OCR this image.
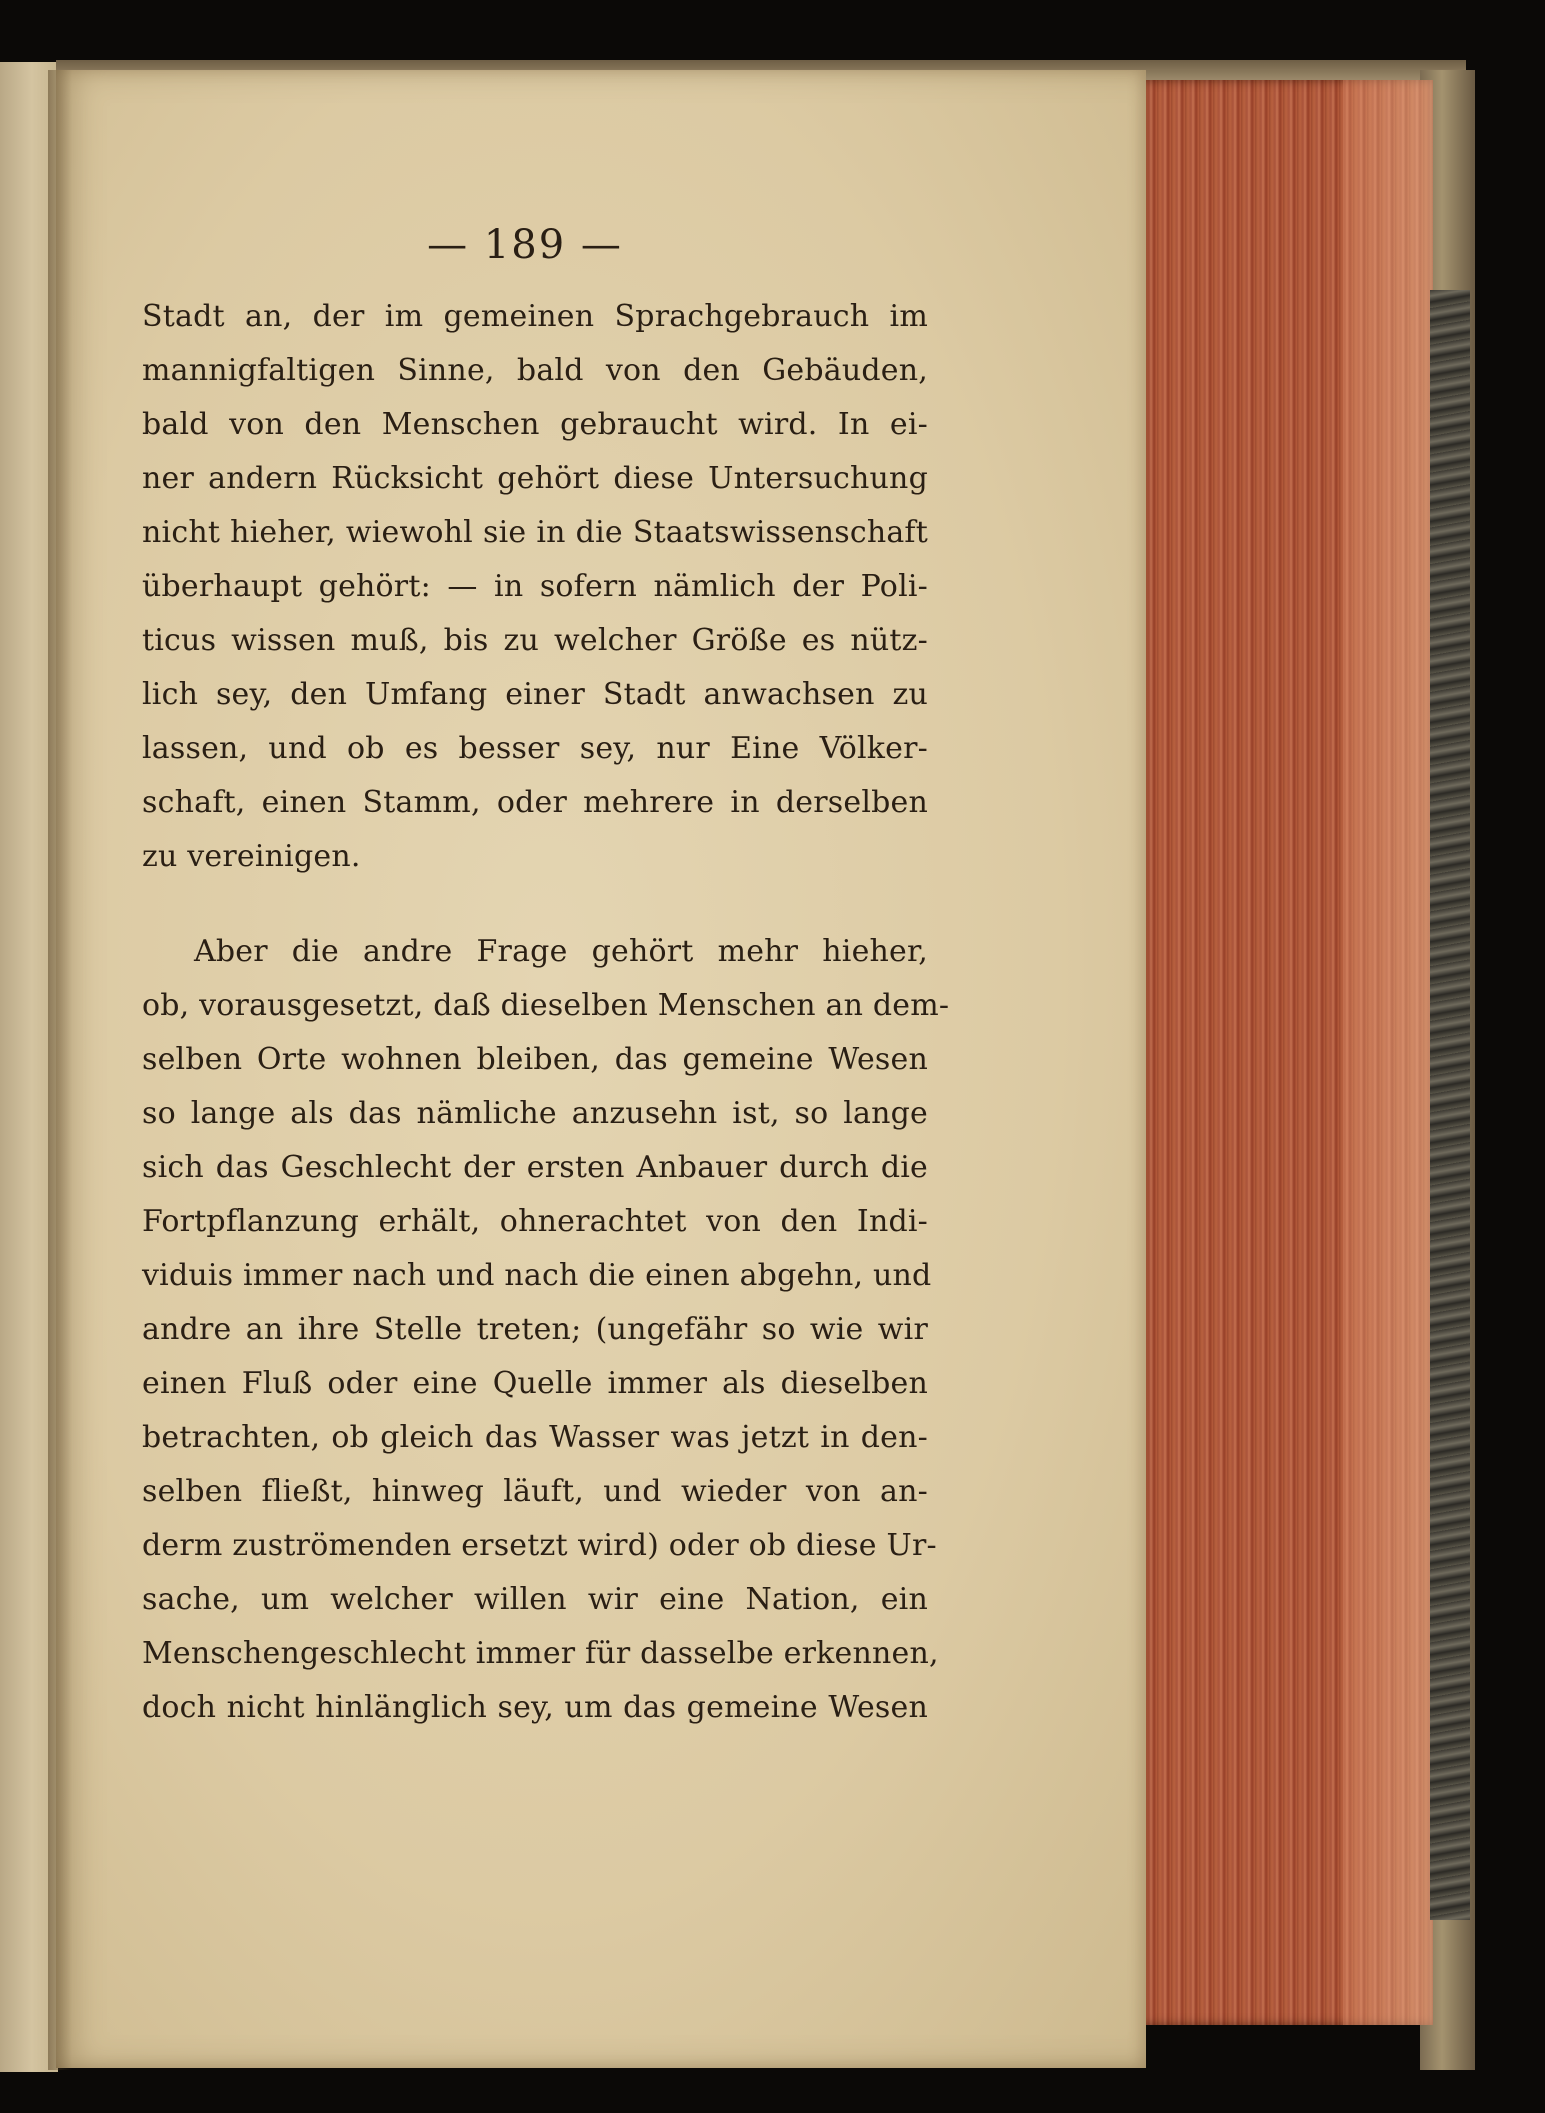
— 189 —
Stadt an, der im gemeinen Sprachgebrauch im
mannigfaltigen Sinne, bald von den Gebäuden,
bald von den Menschen gebraucht wird. In ei-
ner andern Rücksicht gehört diese Untersuchung
nicht hieher, wiewohl sie in die Staatswissenschaft
überhaupt gehört: — in sofern nämlich der Poli-
ticus wissen muß, bis zu welcher Größe es nütz-
lich sey, den Umfang einer Stadt anwachsen zu
lassen, und ob es besser sey, nur Eine Völker-
schaft, einen Stamm, oder mehrere in derselben
zu vereinigen.
Aber die andre Frage gehört mehr hieher,
ob, vorausgesetzt, daß dieselben Menschen an dem-
selben Orte wohnen bleiben, das gemeine Wesen
so lange als das nämliche anzusehn ist, so lange
sich das Geschlecht der ersten Anbauer durch die
Fortpflanzung erhält, ohnerachtet von den Indi-
viduis immer nach und nach die einen abgehn, und
andre an ihre Stelle treten; (ungefähr so wie wir
einen Fluß oder eine Quelle immer als dieselben
betrachten, ob gleich das Wasser was jetzt in den-
selben fließt, hinweg läuft, und wieder von an-
derm zuströmenden ersetzt wird) oder ob diese Ur-
sache, um welcher willen wir eine Nation, ein
Menschengeschlecht immer für dasselbe erkennen,
doch nicht hinlänglich sey, um das gemeine Wesen
